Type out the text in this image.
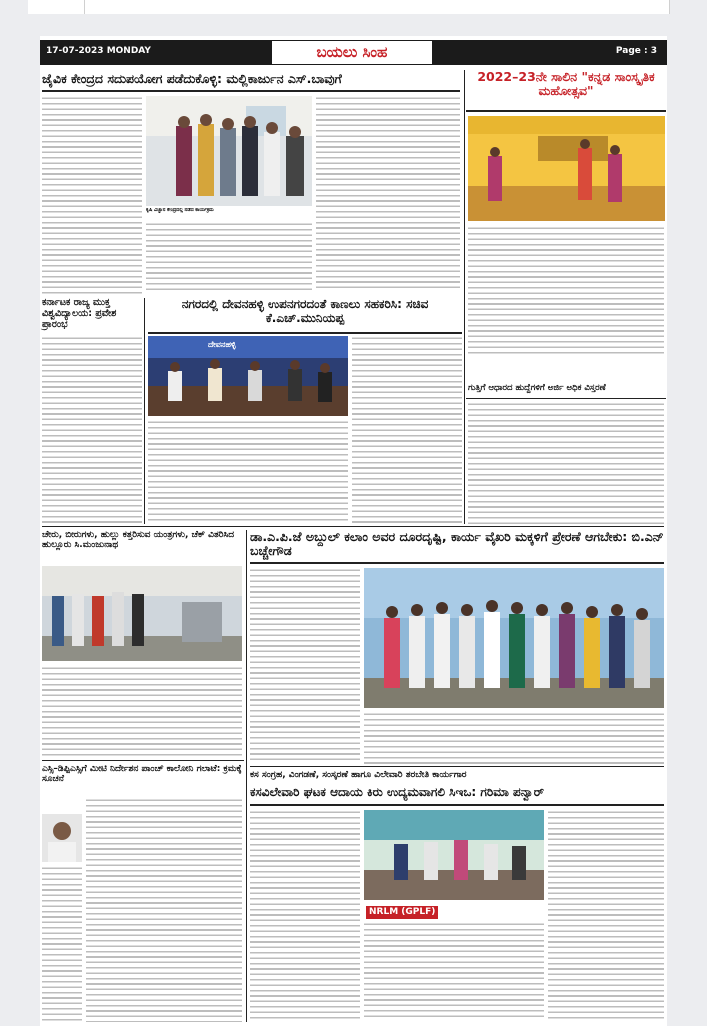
17-07-2023 MONDAY	ಬಯಲು ಸಿಂಹ	Page : 3
ಜೈವಿಕ ಕೇಂದ್ರದ ಸದುಪಯೋಗ ಪಡೆದುಕೊಳ್ಳಿ: ಮಲ್ಲಿಕಾರ್ಜುನ ಎಸ್.ಬಾವುಗೆ
ಕೃಷಿ ವಿಜ್ಞಾನ ಕೇಂದ್ರದಲ್ಲಿ ನಡೆದ ಕಾರ್ಯಕ್ರಮ
2022–23ನೇ ಸಾಲಿನ "ಕನ್ನಡ ಸಾಂಸ್ಕೃತಿಕ ಮಹೋತ್ಸವ"
ಕರ್ನಾಟಕ ರಾಜ್ಯ ಮುಕ್ತ ವಿಶ್ವವಿದ್ಯಾಲಯ: ಪ್ರವೇಶ ಪ್ರಾರಂಭ
ನಗರದಲ್ಲಿ ದೇವನಹಳ್ಳಿ ಉಪನಗರದಂತೆ ಕಾಣಲು ಸಹಕರಿಸಿ: ಸಚಿವ ಕೆ.ಎಚ್.ಮುನಿಯಪ್ಪ
ದೇವನಹಳ್ಳಿ
ಗುತ್ತಿಗೆ ಆಧಾರದ ಹುದ್ದೆಗಳಿಗೆ ಅರ್ಜಿ ಅಧಿಕ ವಿಸ್ತರಣೆ
ಚೇರು, ಬೀರುಗಳು, ಹುಲ್ಲು ಕತ್ತರಿಸುವ ಯಂತ್ರಗಳು, ಚೆಕ್ ವಿತರಿಸಿದ ಹುಲ್ಲೂರು ಸಿ.ಮಂಜುನಾಥ
ಡಾ.ಎ.ಪಿ.ಜೆ ಅಬ್ದುಲ್ ಕಲಾಂ ಅವರ ದೂರದೃಷ್ಟಿ, ಕಾರ್ಯ ವೈಖರಿ ಮಕ್ಕಳಿಗೆ ಪ್ರೇರಣೆ ಆಗಬೇಕು: ಬಿ.ಎನ್ ಬಚ್ಚೇಗೌಡ
ಎಸ್ಸಿ–ಡಿಪ್ಪಿಎಸ್ಸಿಗೆ ಮೀಟಿ ನಿರ್ದೇಶನ ಪಾಂಚ್ ಕಾಲೋನಿ ಗಲಾಟೆ: ಕ್ರಮಕ್ಕೆ ಸೂಚನೆ	ಕಸ ಸಂಗ್ರಹ, ವಿಂಗಡಣೆ, ಸಂಸ್ಕರಣೆ ಹಾಗೂ ವಿಲೇವಾರಿ ತರಬೇತಿ ಕಾರ್ಯಗಾರ
ಕಸವಿಲೇವಾರಿ ಘಟಕ ಆದಾಯ ಕಿರು ಉದ್ಯಮವಾಗಲಿ ಸಿಇಒ: ಗರಿಮಾ ಪನ್ವಾರ್
NRLM (GPLF)
